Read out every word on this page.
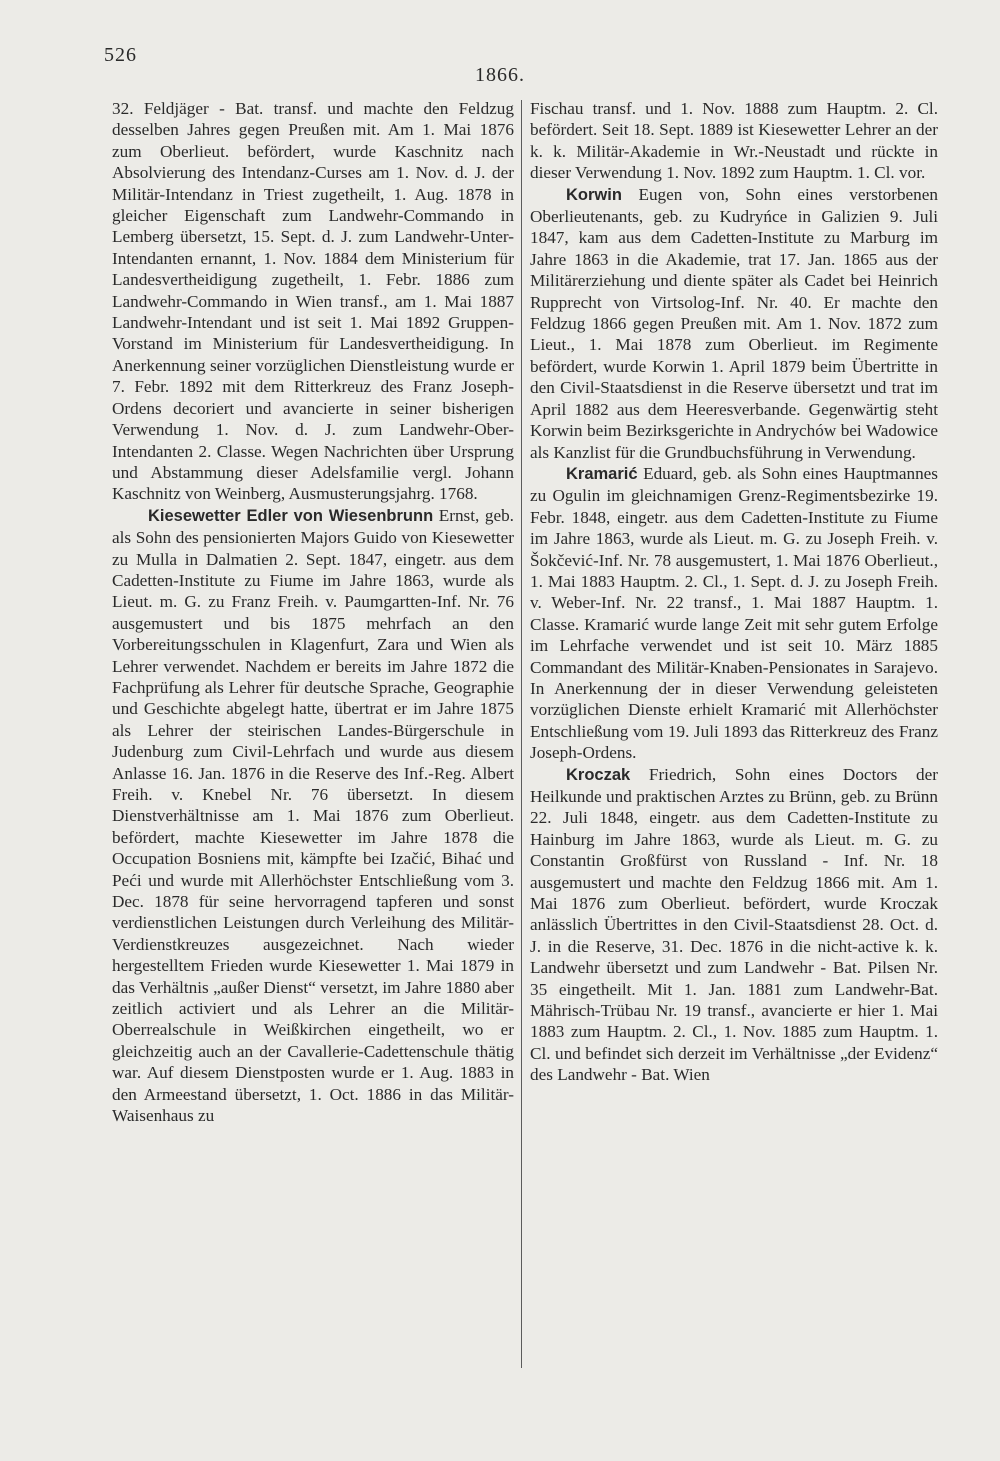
526
1866.

32. Feldjäger - Bat. transf. und machte den Feldzug desselben Jahres gegen Preußen mit. Am 1. Mai 1876 zum Oberlieut. befördert, wurde Kaschnitz nach Absolvierung des Intendanz-Curses am 1. Nov. d. J. der Militär-Intendanz in Triest zugetheilt, 1. Aug. 1878 in gleicher Eigenschaft zum Landwehr-Commando in Lemberg übersetzt, 15. Sept. d. J. zum Landwehr-Unter-Intendanten ernannt, 1. Nov. 1884 dem Ministerium für Landesvertheidigung zugetheilt, 1. Febr. 1886 zum Landwehr-Commando in Wien transf., am 1. Mai 1887 Landwehr-Intendant und ist seit 1. Mai 1892 Gruppen-Vorstand im Ministerium für Landesvertheidigung. In Anerkennung seiner vorzüglichen Dienstleistung wurde er 7. Febr. 1892 mit dem Ritterkreuz des Franz Joseph-Ordens decoriert und avancierte in seiner bisherigen Verwendung 1. Nov. d. J. zum Landwehr-Ober-Intendanten 2. Classe. Wegen Nachrichten über Ursprung und Abstammung dieser Adelsfamilie vergl. Johann Kaschnitz von Weinberg, Ausmusterungsjahrg. 1768.

Kiesewetter Edler von Wiesenbrunn Ernst, geb. als Sohn des pensionierten Majors Guido von Kiesewetter zu Mulla in Dalmatien 2. Sept. 1847, eingetr. aus dem Cadetten-Institute zu Fiume im Jahre 1863, wurde als Lieut. m. G. zu Franz Freih. v. Paumgartten-Inf. Nr. 76 ausgemustert und bis 1875 mehrfach an den Vorbereitungsschulen in Klagenfurt, Zara und Wien als Lehrer verwendet. Nachdem er bereits im Jahre 1872 die Fachprüfung als Lehrer für deutsche Sprache, Geographie und Geschichte abgelegt hatte, übertrat er im Jahre 1875 als Lehrer der steirischen Landes-Bürgerschule in Judenburg zum Civil-Lehrfach und wurde aus diesem Anlasse 16. Jan. 1876 in die Reserve des Inf.-Reg. Albert Freih. v. Knebel Nr. 76 übersetzt. In diesem Dienstverhältnisse am 1. Mai 1876 zum Oberlieut. befördert, machte Kiesewetter im Jahre 1878 die Occupation Bosniens mit, kämpfte bei Izačić, Bihać und Peći und wurde mit Allerhöchster Entschließung vom 3. Dec. 1878 für seine hervorragend tapferen und sonst verdienstlichen Leistungen durch Verleihung des Militär-Verdienstkreuzes ausgezeichnet. Nach wieder hergestelltem Frieden wurde Kiesewetter 1. Mai 1879 in das Verhältnis „außer Dienst“ versetzt, im Jahre 1880 aber zeitlich activiert und als Lehrer an die Militär-Oberrealschule in Weißkirchen eingetheilt, wo er gleichzeitig auch an der Cavallerie-Cadettenschule thätig war. Auf diesem Dienstposten wurde er 1. Aug. 1883 in den Armeestand übersetzt, 1. Oct. 1886 in das Militär-Waisenhaus zu

Fischau transf. und 1. Nov. 1888 zum Hauptm. 2. Cl. befördert. Seit 18. Sept. 1889 ist Kiesewetter Lehrer an der k. k. Militär-Akademie in Wr.-Neustadt und rückte in dieser Verwendung 1. Nov. 1892 zum Hauptm. 1. Cl. vor.

Korwin Eugen von, Sohn eines verstorbenen Oberlieutenants, geb. zu Kudryńce in Galizien 9. Juli 1847, kam aus dem Cadetten-Institute zu Marburg im Jahre 1863 in die Akademie, trat 17. Jan. 1865 aus der Militärerziehung und diente später als Cadet bei Heinrich Rupprecht von Virtsolog-Inf. Nr. 40. Er machte den Feldzug 1866 gegen Preußen mit. Am 1. Nov. 1872 zum Lieut., 1. Mai 1878 zum Oberlieut. im Regimente befördert, wurde Korwin 1. April 1879 beim Übertritte in den Civil-Staatsdienst in die Reserve übersetzt und trat im April 1882 aus dem Heeresverbande. Gegenwärtig steht Korwin beim Bezirksgerichte in Andrychów bei Wadowice als Kanzlist für die Grundbuchsführung in Verwendung.

Kramarić Eduard, geb. als Sohn eines Hauptmannes zu Ogulin im gleichnamigen Grenz-Regimentsbezirke 19. Febr. 1848, eingetr. aus dem Cadetten-Institute zu Fiume im Jahre 1863, wurde als Lieut. m. G. zu Joseph Freih. v. Šokčević-Inf. Nr. 78 ausgemustert, 1. Mai 1876 Oberlieut., 1. Mai 1883 Hauptm. 2. Cl., 1. Sept. d. J. zu Joseph Freih. v. Weber-Inf. Nr. 22 transf., 1. Mai 1887 Hauptm. 1. Classe. Kramarić wurde lange Zeit mit sehr gutem Erfolge im Lehrfache verwendet und ist seit 10. März 1885 Commandant des Militär-Knaben-Pensionates in Sarajevo. In Anerkennung der in dieser Verwendung geleisteten vorzüglichen Dienste erhielt Kramarić mit Allerhöchster Entschließung vom 19. Juli 1893 das Ritterkreuz des Franz Joseph-Ordens.

Kroczak Friedrich, Sohn eines Doctors der Heilkunde und praktischen Arztes zu Brünn, geb. zu Brünn 22. Juli 1848, eingetr. aus dem Cadetten-Institute zu Hainburg im Jahre 1863, wurde als Lieut. m. G. zu Constantin Großfürst von Russland - Inf. Nr. 18 ausgemustert und machte den Feldzug 1866 mit. Am 1. Mai 1876 zum Oberlieut. befördert, wurde Kroczak anlässlich Übertrittes in den Civil-Staatsdienst 28. Oct. d. J. in die Reserve, 31. Dec. 1876 in die nicht-active k. k. Landwehr übersetzt und zum Landwehr - Bat. Pilsen Nr. 35 eingetheilt. Mit 1. Jan. 1881 zum Landwehr-Bat. Mährisch-Trübau Nr. 19 transf., avancierte er hier 1. Mai 1883 zum Hauptm. 2. Cl., 1. Nov. 1885 zum Hauptm. 1. Cl. und befindet sich derzeit im Verhältnisse „der Evidenz“ des Landwehr - Bat. Wien
